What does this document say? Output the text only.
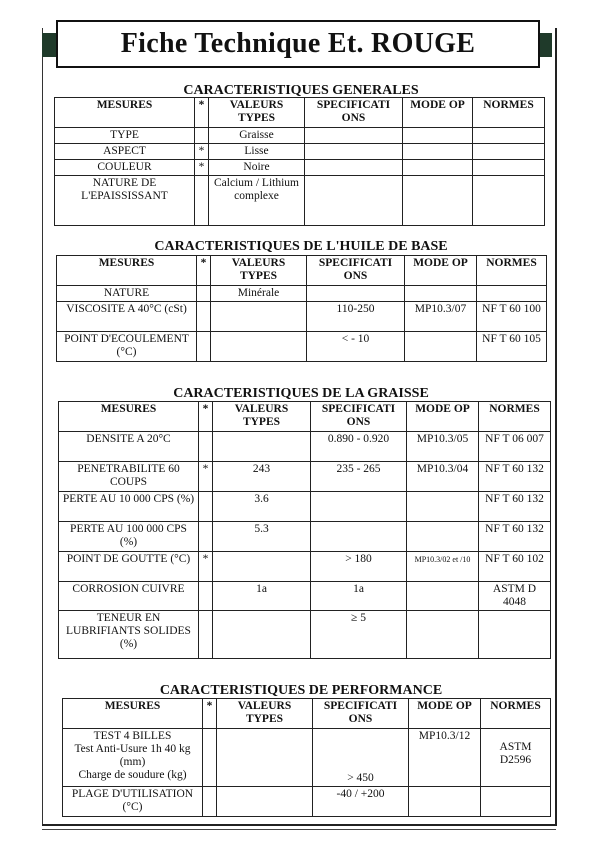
Fiche Technique Et. ROUGE
CARACTERISTIQUES GENERALES
MESURES	*	VALEURS TYPES	SPECIFICATI ONS	MODE OP	NORMES
TYPE		Graisse			
ASPECT	*	Lisse			
COULEUR	*	Noire			
NATURE DE L'EPAISSISSANT		Calcium / Lithium complexe			
CARACTERISTIQUES DE L'HUILE DE BASE
MESURES	*	VALEURS TYPES	SPECIFICATI ONS	MODE OP	NORMES
NATURE		Minérale			
VISCOSITE A 40°C (cSt)			110-250	MP10.3/07	NF T 60 100
POINT D'ECOULEMENT (°C)			< - 10		NF T 60 105
CARACTERISTIQUES DE LA GRAISSE
MESURES	*	VALEURS TYPES	SPECIFICATI ONS	MODE OP	NORMES
DENSITE A 20°C			0.890 - 0.920	MP10.3/05	NF T 06 007
PENETRABILITE 60 COUPS	*	243	235 - 265	MP10.3/04	NF T 60 132
PERTE AU 10 000 CPS (%)		3.6			NF T 60 132
PERTE AU 100 000 CPS (%)		5.3			NF T 60 132
POINT DE GOUTTE (°C)	*		> 180	MP10.3/02 et /10	NF T 60 102
CORROSION CUIVRE		1a	1a		ASTM D 4048
TENEUR EN LUBRIFIANTS SOLIDES (%)			≥ 5		
CARACTERISTIQUES DE PERFORMANCE
MESURES	*	VALEURS TYPES	SPECIFICATI ONS	MODE OP	NORMES

TEST 4 BILLES
Test Anti-Usure 1h 40 kg (mm)
Charge de soudure (kg)			> 450	MP10.3/12	ASTM D2596
PLAGE D'UTILISATION (°C)			-40 / +200		
